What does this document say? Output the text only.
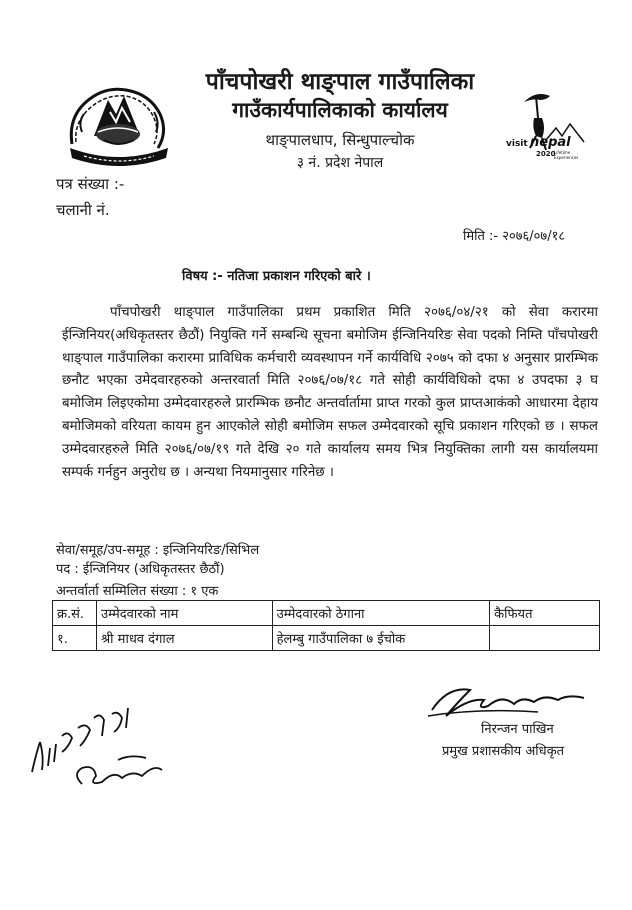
पाँचपोखरी थाङ्पाल गाउँपालिका
गाउँकार्यपालिकाको कार्यालय
थाङ्पालधाप, सिन्धुपाल्चोक
३ नं. प्रदेश नेपाल
visit nepal
2020
Lifetime
Experiences
पत्र संख्या :-
चलानी नं.
मिति :- २०७६/०७/१८
विषय :- नतिजा प्रकाशन गरिएको बारे ।
पाँचपोखरी थाङ्पाल गाउँपालिका प्रथम प्रकाशित मिति २०७६/०४/२१ को सेवा करारमा ईन्जिनियर(अधिकृतस्तर छैठौं) नियुक्ति गर्ने सम्बन्धि सूचना बमोजिम ईन्जिनियरिङ सेवा पदको निम्ति पाँचपोखरी थाङ्पाल गाउँपालिका करारमा प्राविधिक कर्मचारी व्यवस्थापन गर्ने कार्यविधि २०७५ को दफा ४ अनुसार प्रारम्भिक छनौट भएका उमेदवारहरुको अन्तरवार्ता मिति २०७६/०७/१८ गते सोही कार्यविधिको दफा ४ उपदफा ३ घ बमोजिम लिइएकोमा उम्मेदवारहरुले प्रारम्भिक छनौट अन्तर्वार्तामा प्राप्त गरको कुल प्राप्तआकंको आधारमा देहाय बमोजिमको वरियता कायम हुन आएकोले सोही बमोजिम सफल उम्मेदवारको सूचि प्रकाशन गरिएको छ । सफल उम्मेदवारहरुले मिति २०७६/०७/१९ गते देखि २० गते कार्यालय समय भित्र नियुक्तिका लागी यस कार्यालयमा सम्पर्क गर्नहुन अनुरोध छ । अन्यथा नियमानुसार गरिनेछ ।
सेवा/समूह/उप-समूह : इन्जिनियरिङ/सिभिल
पद : ईन्जिनियर (अधिकृतस्तर छैठौं)
अन्तर्वार्ता सम्मिलित संख्या : १ एक
क्र.सं.	उम्मेदवारको नाम	उम्मेदवारको ठेगाना	कैफियत
१.	श्री माधव दंगाल	हेलम्बु गाउँपालिका ७ ईचोक	
निरन्जन पाखिन
प्रमुख प्रशासकीय अधिकृत
